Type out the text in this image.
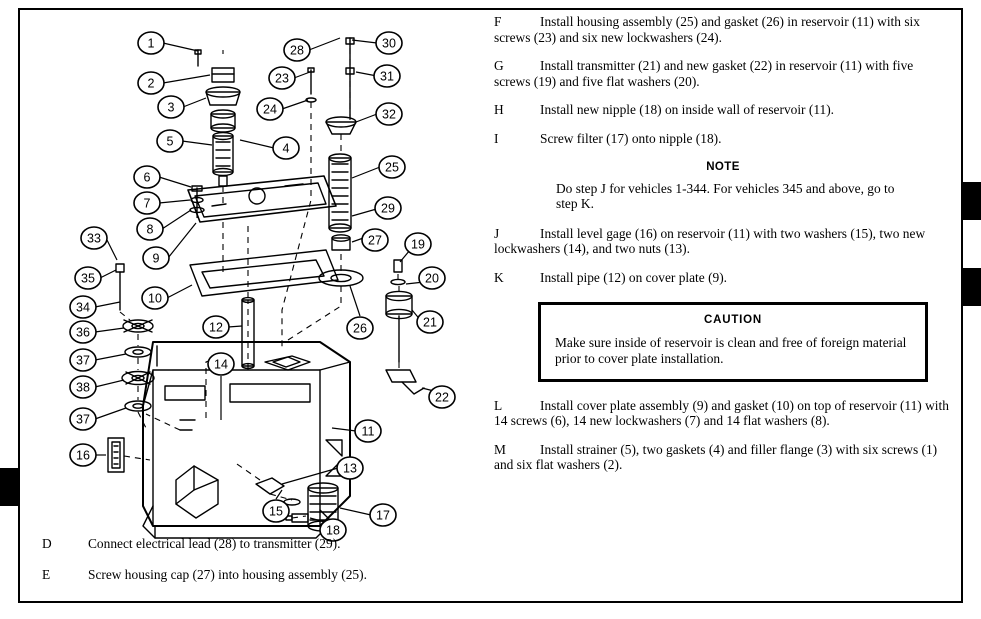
1
2
3
4
5
6
7
8
9
10
11
12
13
14
15
16
17
18
19
20
21
22
23
24
25
26
27
28
29
30
31
32
33
34
35
36
37
38
37
F	Install housing assembly (25) and gasket (26) in reservoir (11) with six screws (23) and six new lockwashers (24).
G	Install transmitter (21) and new gasket (22) in reservoir (11) with five screws (19) and five flat washers (20).
H	Install new nipple (18) on inside wall of reservoir (11).
I	Screw filter (17) onto nipple (18).
NOTE
Do step J for vehicles 1-344. For vehicles 345 and above, go to step K.
J	Install level gage (16) on reservoir (11) with two washers (15), two new lockwashers (14), and two nuts (13).
K	Install pipe (12) on cover plate (9).
CAUTION
Make sure inside of reservoir is clean and free of foreign material prior to cover plate installation.
L	Install cover plate assembly (9) and gasket (10) on top of reservoir (11) with 14 screws (6), 14 new lockwashers (7) and 14 flat washers (8).
M	Install strainer (5), two gaskets (4) and filler flange (3) with six screws (1) and six flat washers (2).
D	Connect electrical lead (28) to transmitter (29).
E	Screw housing cap (27) into housing assembly (25).
